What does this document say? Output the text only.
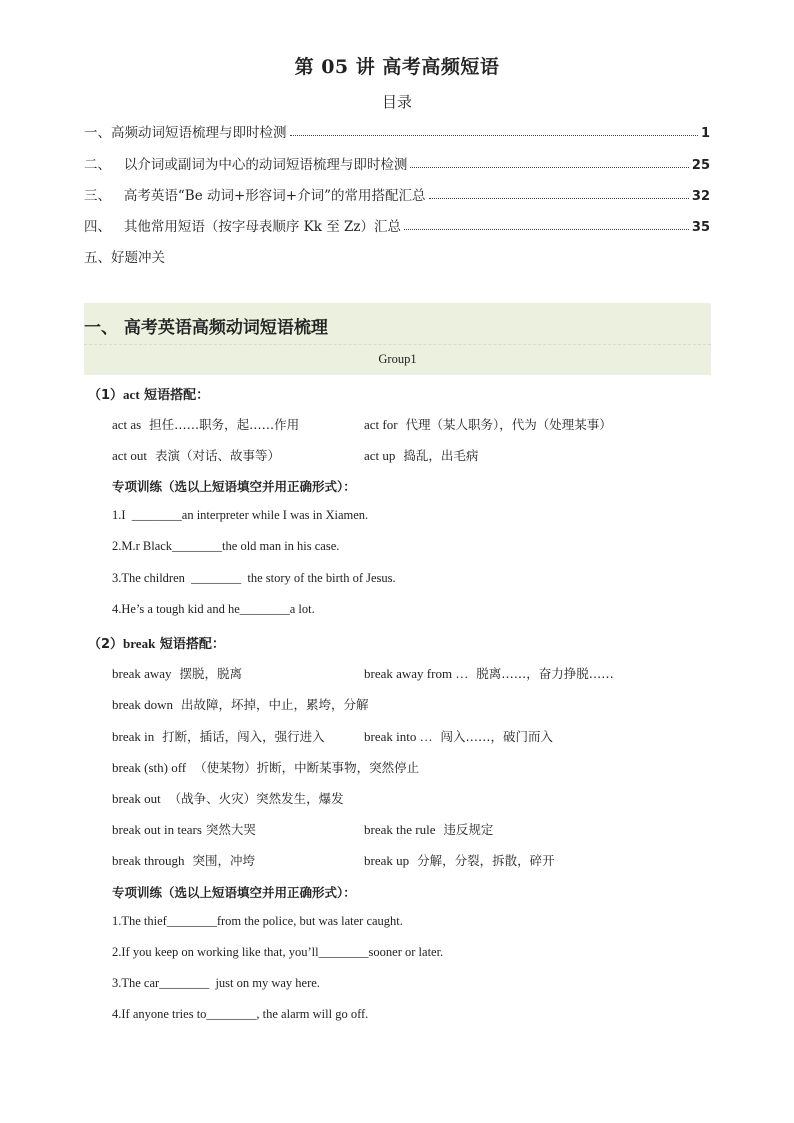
第 05 讲 高考高频短语
目录
一、 高频动词短语梳理与即时检测	1
二、 以介词或副词为中心的动词短语梳理与即时检测	25
三、 高考英语“Be 动词+形容词+介词”的常用搭配汇总	32
四、 其他常用短语（按字母表顺序 Kk 至 Zz）汇总	35
五、 好题冲关
一、 高考英语高频动词短语梳理
Group1
（1）act 短语搭配：
act as  担任……职务，起……作用	act for  代理（某人职务），代为（处理某事）
act out  表演（对话、故事等）	act up  捣乱，出毛病
专项训练（选以上短语填空并用正确形式）：
1.I  ________an interpreter while I was in Xiamen.
2.M.r Black________the old man in his case.
3.The children  ________  the story of the birth of Jesus.
4.He’s a tough kid and he________a lot.
（2）break 短语搭配：
break away  摆脱，脱离	break away from …  脱离……，奋力挣脱……
break down  出故障，坏掉，中止，累垮，分解
break in  打断，插话，闯入，强行进入	break into …  闯入……，破门而入
break (sth) off  （使某物）折断，中断某事物，突然停止
break out  （战争、火灾）突然发生，爆发
break out in tears 突然大哭	break the rule  违反规定
break through  突围，冲垮	break up  分解，分裂，拆散，碎开
专项训练（选以上短语填空并用正确形式）：
1.The thief________from the police, but was later caught.
2.If you keep on working like that, you’ll________sooner or later.
3.The car________  just on my way here.
4.If anyone tries to________, the alarm will go off.
